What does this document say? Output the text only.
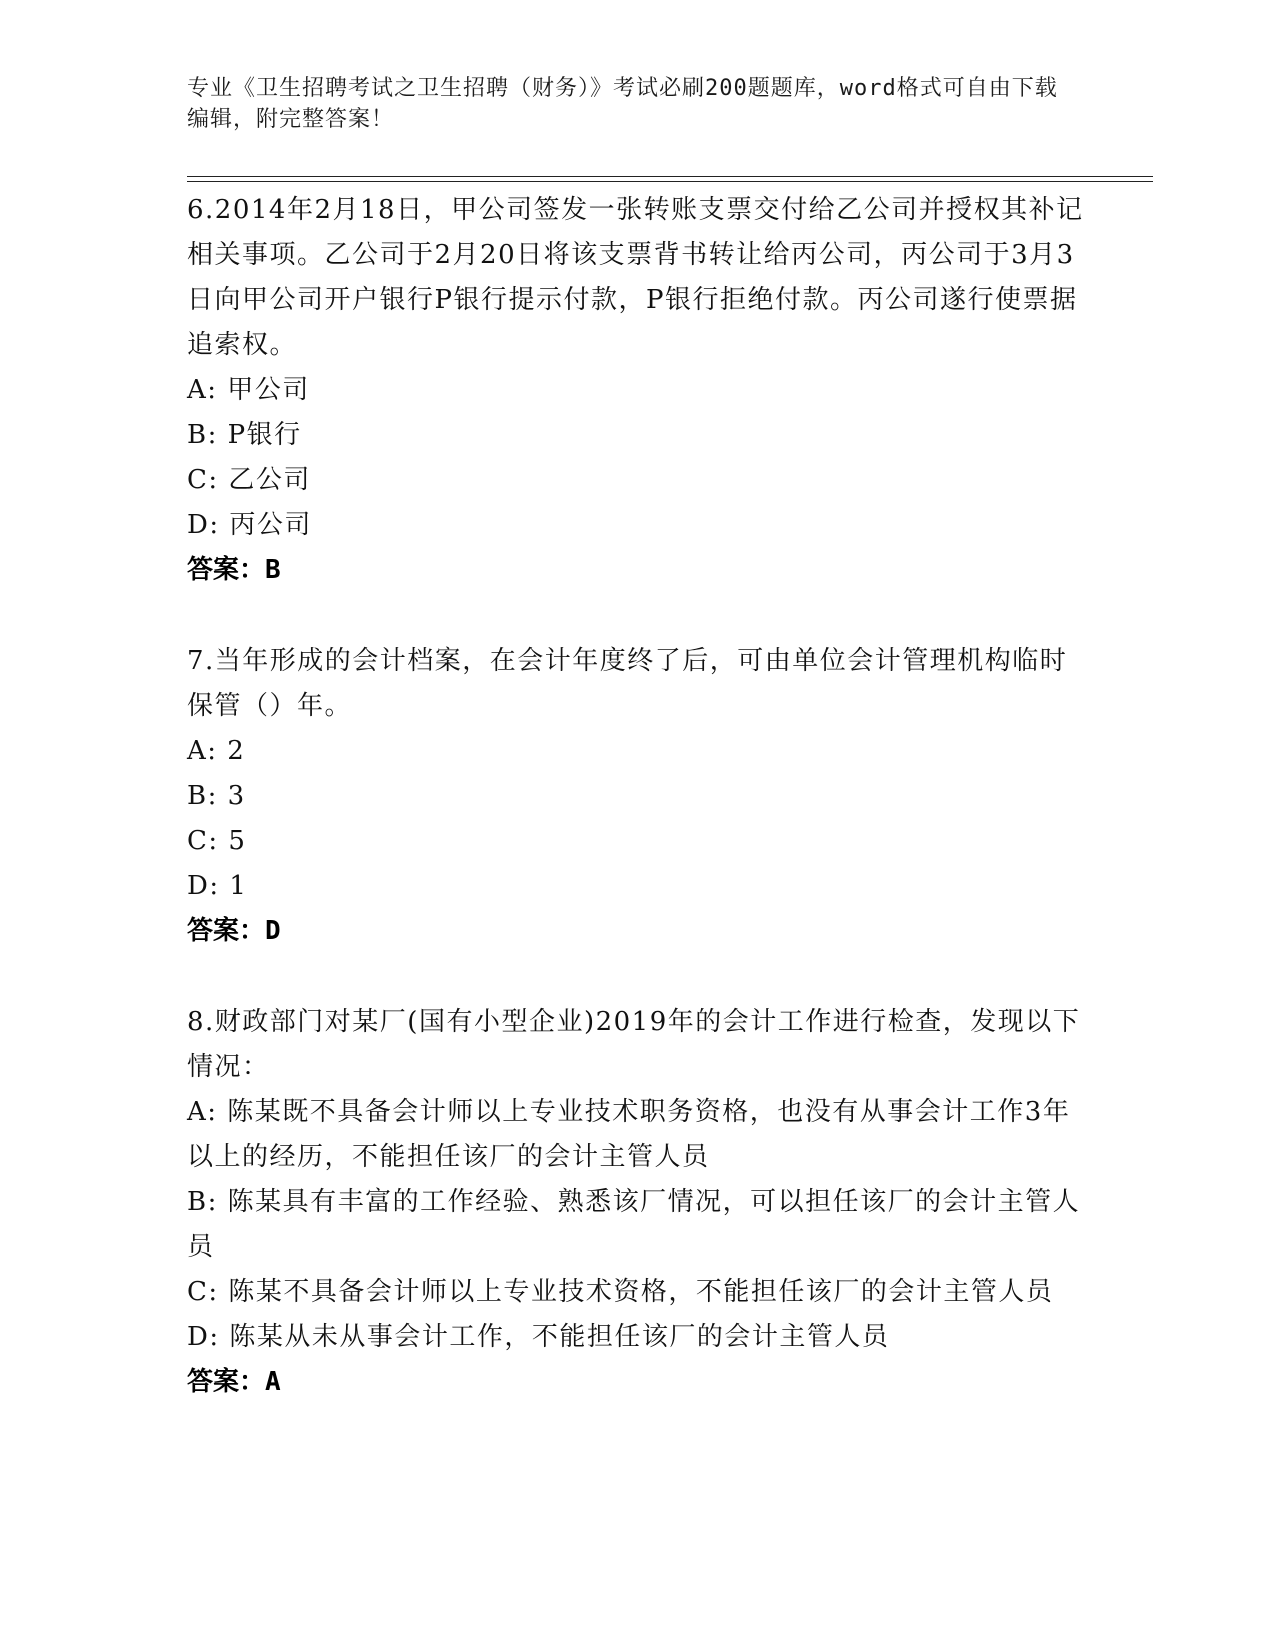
专业《卫生招聘考试之卫生招聘（财务）》考试必刷200题题库，word格式可自由下载编辑，附完整答案！

6.2014年2月18日，甲公司签发一张转账支票交付给乙公司并授权其补记相关事项。乙公司于2月20日将该支票背书转让给丙公司，丙公司于3月3日向甲公司开户银行P银行提示付款，P银行拒绝付款。丙公司遂行使票据追索权。

A: 甲公司

B: P银行

C: 乙公司

D: 丙公司

答案：B

7.当年形成的会计档案，在会计年度终了后，可由单位会计管理机构临时保管（）年。

A: 2

B: 3

C: 5

D: 1

答案：D

8.财政部门对某厂(国有小型企业)2019年的会计工作进行检查，发现以下情况：

A: 陈某既不具备会计师以上专业技术职务资格，也没有从事会计工作3年以上的经历，不能担任该厂的会计主管人员

B: 陈某具有丰富的工作经验、熟悉该厂情况，可以担任该厂的会计主管人员

C: 陈某不具备会计师以上专业技术资格，不能担任该厂的会计主管人员

D: 陈某从未从事会计工作，不能担任该厂的会计主管人员

答案：A
